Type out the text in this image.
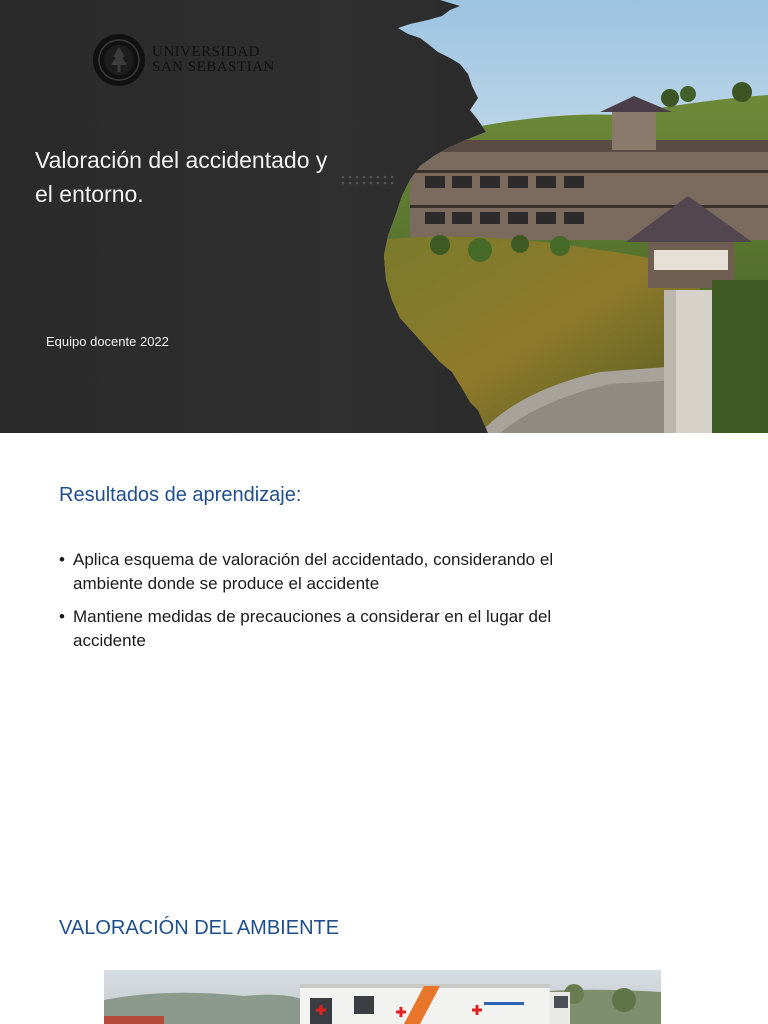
UNIVERSIDAD
SAN SEBASTIAN
Valoración del accidentado y
el entorno.
Equipo docente 2022
Resultados de aprendizaje:
• Aplica esquema de valoración del accidentado, considerando el
ambiente donde se produce el accidente
• Mantiene medidas de precauciones a considerar en el lugar del
accidente
VALORACIÓN DEL AMBIENTE
